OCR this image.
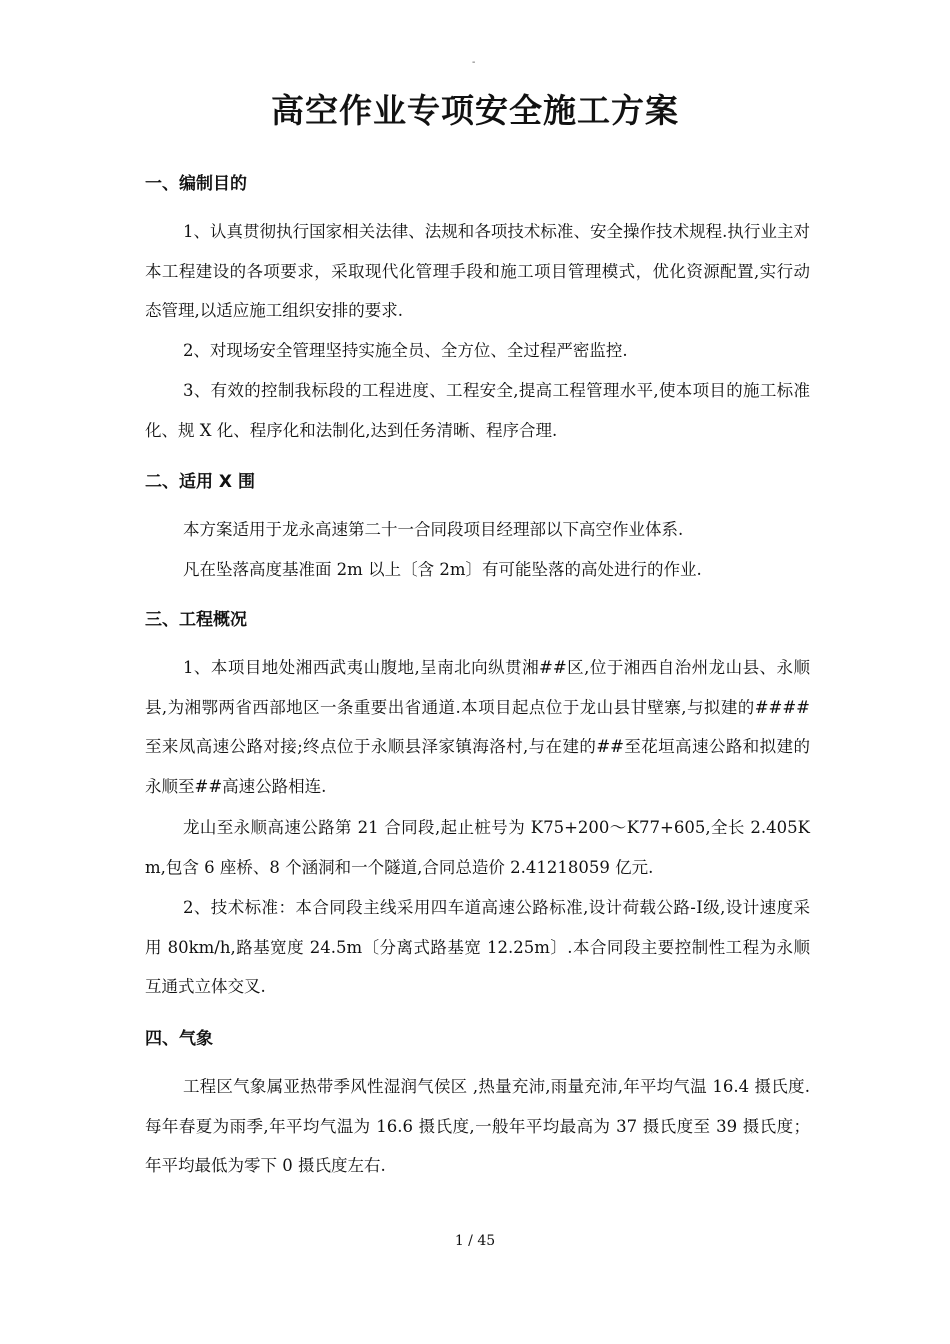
-
高空作业专项安全施工方案
一、编制目的

1、认真贯彻执行国家相关法律、法规和各项技术标准、安全操作技术规程.执行业主对本工程建设的各项要求，采取现代化管理手段和施工项目管理模式，优化资源配置,实行动态管理,以适应施工组织安排的要求.

2、对现场安全管理坚持实施全员、全方位、全过程严密监控.

3、有效的控制我标段的工程进度、工程安全,提高工程管理水平,使本项目的施工标准化、规 X 化、程序化和法制化,达到任务清晰、程序合理.

二、适用 X 围

本方案适用于龙永高速第二十一合同段项目经理部以下高空作业体系.

凡在坠落高度基准面 2m 以上〔含 2m〕有可能坠落的高处进行的作业.

三、工程概况

1、本项目地处湘西武夷山腹地,呈南北向纵贯湘##区,位于湘西自治州龙山县、永顺县,为湘鄂两省西部地区一条重要出省通道.本项目起点位于龙山县甘壁寨,与拟建的####至来凤高速公路对接;终点位于永顺县泽家镇海洛村,与在建的##至花垣高速公路和拟建的永顺至##高速公路相连.

龙山至永顺高速公路第 21 合同段,起止桩号为 K75+200～K77+605,全长 2.405Km,包含 6 座桥、8 个涵洞和一个隧道,合同总造价 2.41218059 亿元.

2、技术标准：本合同段主线采用四车道高速公路标准,设计荷载公路-Ⅰ级,设计速度采用 80km/h,路基宽度 24.5m〔分离式路基宽 12.25m〕.本合同段主要控制性工程为永顺互通式立体交叉.

四、气象

工程区气象属亚热带季风性湿润气侯区 ,热量充沛,雨量充沛,年平均气温 16.4 摄氏度.每年春夏为雨季,年平均气温为 16.6 摄氏度,一般年平均最高为 37 摄氏度至 39 摄氏度；年平均最低为零下 0 摄氏度左右.

1 / 45
